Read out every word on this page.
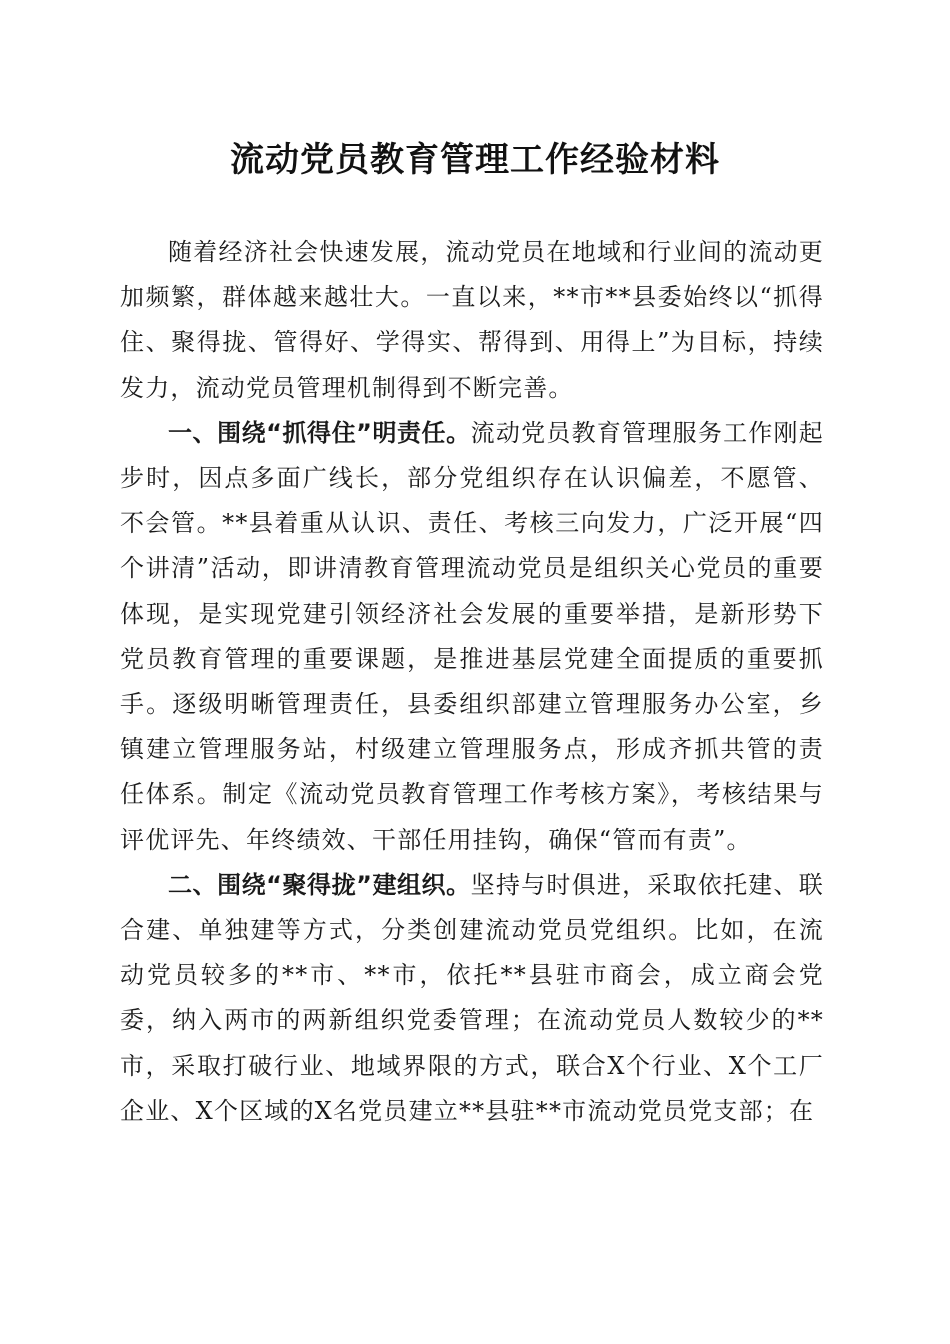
流动党员教育管理工作经验材料

随着经济社会快速发展，流动党员在地域和行业间的流动更加频繁，群体越来越壮大。一直以来，**市**县委始终以“抓得住、聚得拢、管得好、学得实、帮得到、用得上”为目标，持续发力，流动党员管理机制得到不断完善。

一、围绕“抓得住”明责任。流动党员教育管理服务工作刚起步时，因点多面广线长，部分党组织存在认识偏差，不愿管、不会管。**县着重从认识、责任、考核三向发力，广泛开展“四个讲清”活动，即讲清教育管理流动党员是组织关心党员的重要体现，是实现党建引领经济社会发展的重要举措，是新形势下党员教育管理的重要课题，是推进基层党建全面提质的重要抓手。逐级明晰管理责任，县委组织部建立管理服务办公室，乡镇建立管理服务站，村级建立管理服务点，形成齐抓共管的责任体系。制定《流动党员教育管理工作考核方案》，考核结果与评优评先、年终绩效、干部任用挂钩，确保“管而有责”。

二、围绕“聚得拢”建组织。坚持与时俱进，采取依托建、联合建、单独建等方式，分类创建流动党员党组织。比如，在流动党员较多的**市、**市，依托**县驻市商会，成立商会党委，纳入两市的两新组织党委管理；在流动党员人数较少的**市，采取打破行业、地域界限的方式，联合X个行业、X个工厂企业、X个区域的X名党员建立**县驻**市流动党员党支部；在
